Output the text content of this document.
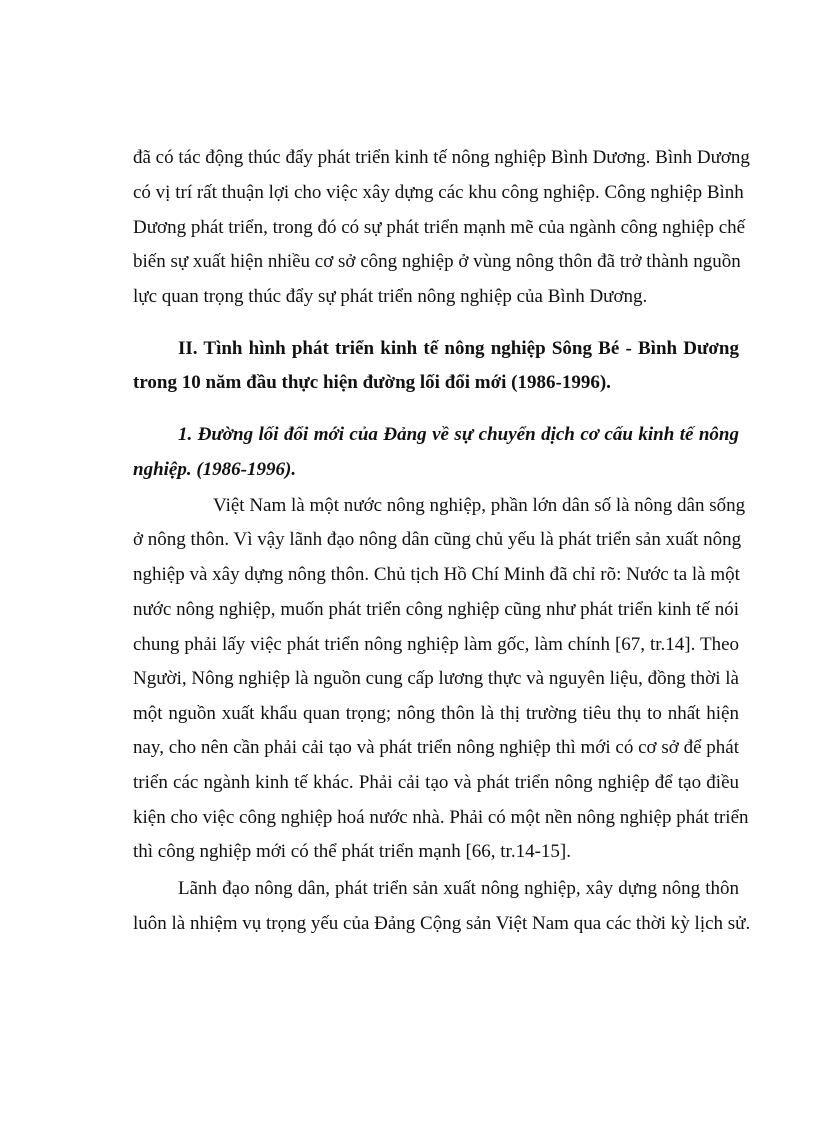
đã có tác động thúc đẩy phát triển kinh tế nông nghiệp Bình Dương. Bình Dương
có vị trí rất thuận lợi cho việc xây dựng các khu công nghiệp. Công nghiệp Bình
Dương phát triển, trong đó có sự phát triển mạnh mẽ của ngành công nghiệp chế
biến sự xuất hiện nhiều cơ sở công nghiệp ở vùng nông thôn đã trở thành nguồn
lực quan trọng thúc đẩy sự phát triển nông nghiệp của Bình Dương.
II. Tình hình phát triển kinh tế nông nghiệp Sông Bé - Bình Dương
trong 10 năm đầu thực hiện đường lối đổi mới (1986-1996).
1. Đường lối đổi mới của Đảng về sự chuyển dịch cơ cấu kinh tế nông
nghiệp. (1986-1996).
Việt Nam là một nước nông nghiệp, phần lớn dân số là nông dân sống
ở nông thôn. Vì vậy lãnh đạo nông dân cũng chủ yếu là phát triển sản xuất nông
nghiệp và xây dựng nông thôn. Chủ tịch Hồ Chí Minh đã chỉ rõ: Nước ta là một
nước nông nghiệp, muốn phát triển công nghiệp cũng như phát triển kinh tế nói
chung phải lấy việc phát triển nông nghiệp làm gốc, làm chính [67, tr.14]. Theo
Người, Nông nghiệp là nguồn cung cấp lương thực và nguyên liệu, đồng thời là
một nguồn xuất khẩu quan trọng; nông thôn là thị trường tiêu thụ to nhất hiện
nay, cho nên cần phải cải tạo và phát triển nông nghiệp thì mới có cơ sở để phát
triển các ngành kinh tế khác. Phải cải tạo và phát triển nông nghiệp để tạo điều
kiện cho việc công nghiệp hoá nước nhà. Phải có một nền nông nghiệp phát triển
thì công nghiệp mới có thể phát triển mạnh [66, tr.14-15].
Lãnh đạo nông dân, phát triển sản xuất nông nghiệp, xây dựng nông thôn
luôn là nhiệm vụ trọng yếu của Đảng Cộng sản Việt Nam qua các thời kỳ lịch sử.
